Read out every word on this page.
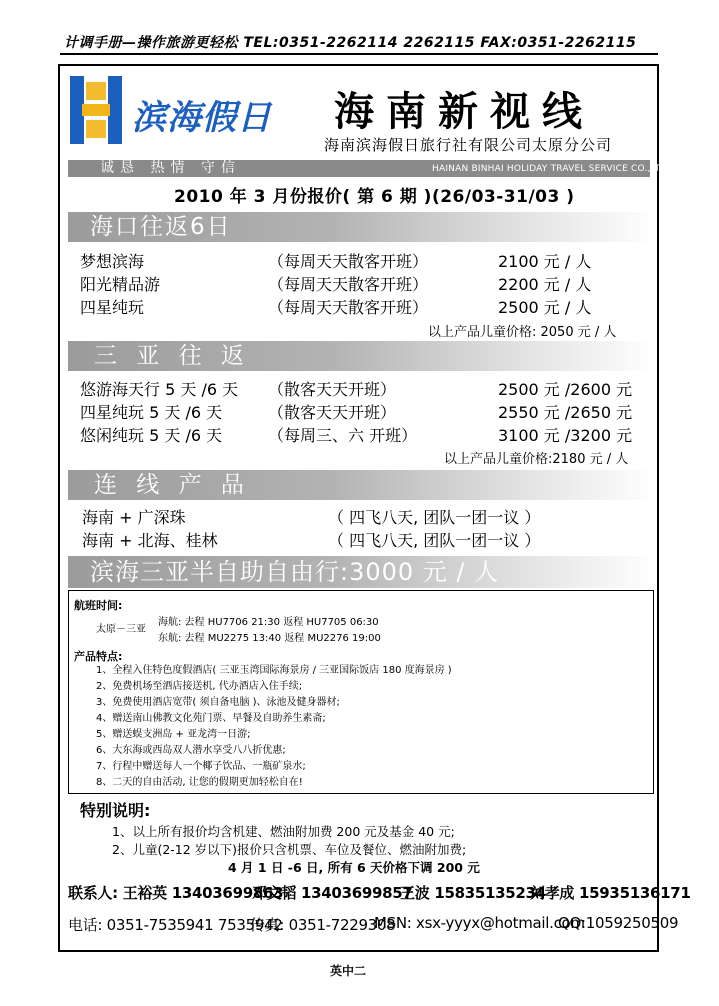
计调手册—操作旅游更轻松 TEL:0351-2262114 2262115 FAX:0351-2262115
滨海假日 海南新视线
海南滨海假日旅行社有限公司太原分公司
诚恳 热情 守信	HAINAN BINHAI HOLIDAY TRAVEL SERVICE CO.,LTD
2010 年 3 月份报价( 第 6 期 )(26/03-31/03 )
海口往返6日
梦想滨海	（每周天天散客开班）	2100 元 / 人
阳光精品游	（每周天天散客开班）	2200 元 / 人
四星纯玩	（每周天天散客开班）	2500 元 / 人
以上产品儿童价格: 2050 元 / 人
三 亚 往 返
悠游海天行 5 天 /6 天 （散客天天开班）	2500 元 /2600 元
四星纯玩 5 天 /6 天	（散客天天开班）	2550 元 /2650 元
悠闲纯玩 5 天 /6 天	（每周三、六 开班）	3100 元 /3200 元
以上产品儿童价格:2180 元 / 人
连 线 产 品
海南 + 广深珠	（ 四飞八天, 团队一团一议 ）
海南 + 北海、桂林	（ 四飞八天, 团队一团一议 ）
滨海三亚半自助自由行:3000 元 / 人
航班时间:
太原－三亚
海航: 去程 HU7706 21:30 返程 HU7705 06:30
东航: 去程 MU2275 13:40 返程 MU2276 19:00
产品特点:
1、全程入住特色度假酒店( 三亚玉湾国际海景房 / 三亚国际饭店 180 度海景房 )
2、免费机场至酒店接送机, 代办酒店入住手续;
3、免费使用酒店宽带( 须自备电脑 )、泳池及健身器材;
4、赠送南山佛教文化苑门票、早餐及自助养生素斋;
5、赠送蜈支洲岛 + 亚龙湾一日游;
6、大东海或西岛双人潜水享受八八折优惠;
7、行程中赠送每人一个椰子饮品、一瓶矿泉水;
8、二天的自由活动, 让您的假期更加轻松自在!
特别说明:
1、以上所有报价均含机建、燃油附加费 200 元及基金 40 元;
2、儿童(2-12 岁以下)报价只含机票、车位及餐位、燃油附加费;
4 月 1 日 -6 日, 所有 6 天价格下调 200 元
联系人: 王裕英 13403699863
邓文韬 13403699857
王波 15835135234
刘孝成 15935136171
电话: 0351-7535941 7535942
传真: 0351-7229308
MSN: xsx-yyyx@hotmail.com
QQ:1059250509
英中二
